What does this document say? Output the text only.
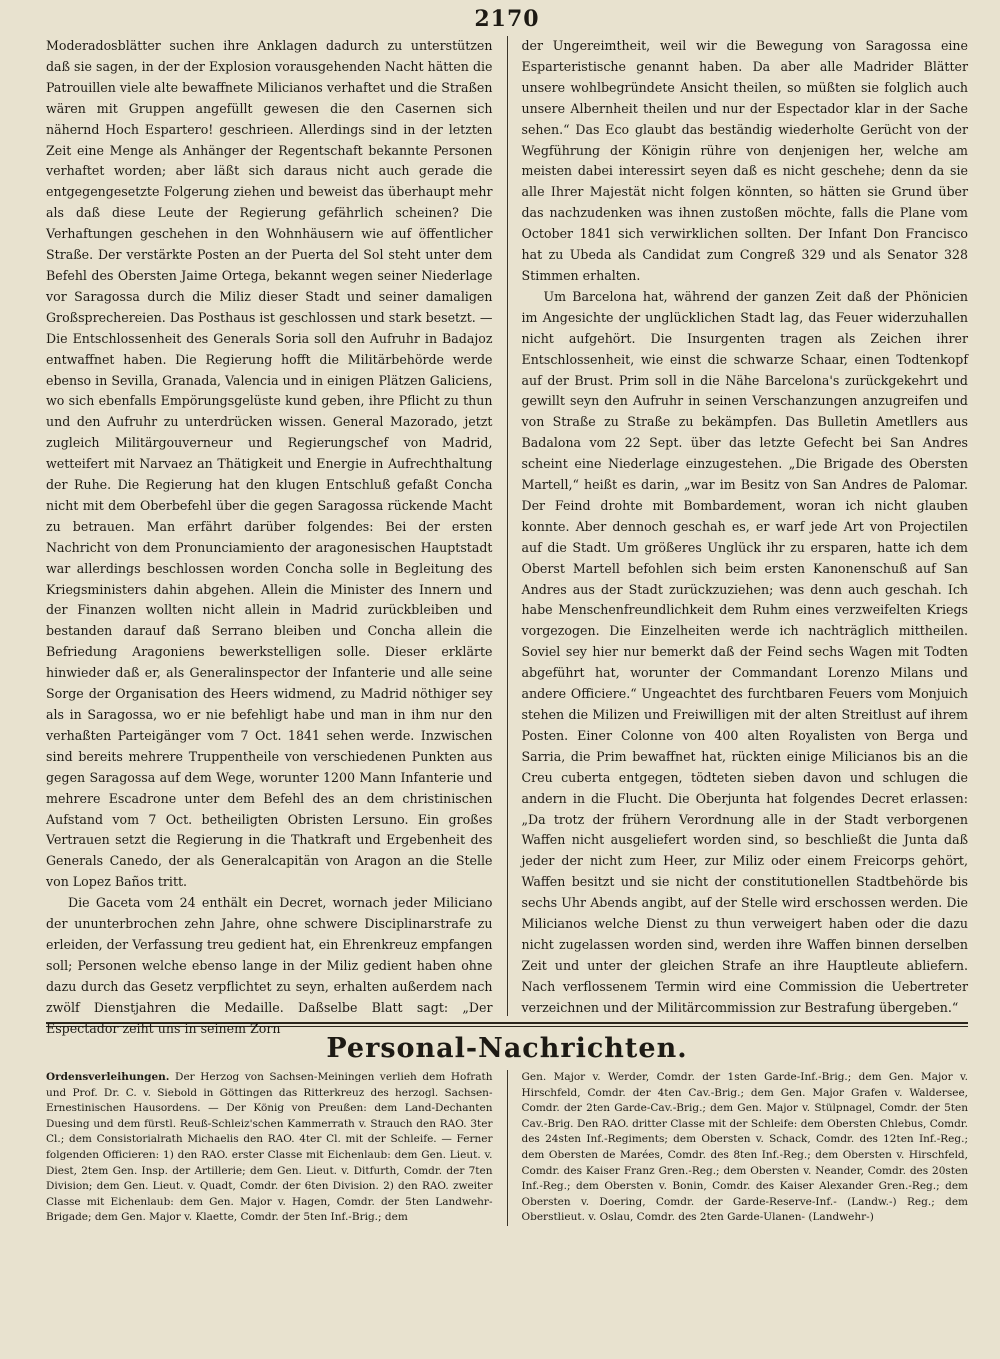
2170

Moderadosblätter suchen ihre Anklagen dadurch zu unterstützen daß sie sagen, in der der Explosion vorausgehenden Nacht hätten die Patrouillen viele alte bewaffnete Milicianos verhaftet und die Straßen wären mit Gruppen angefüllt gewesen die den Casernen sich nähernd Hoch Espartero! geschrieen. Allerdings sind in der letzten Zeit eine Menge als Anhänger der Regentschaft bekannte Personen verhaftet worden; aber läßt sich daraus nicht auch gerade die entgegengesetzte Folgerung ziehen und beweist das überhaupt mehr als daß diese Leute der Regierung gefährlich scheinen? Die Verhaftungen geschehen in den Wohnhäusern wie auf öffentlicher Straße. Der verstärkte Posten an der Puerta del Sol steht unter dem Befehl des Obersten Jaime Ortega, bekannt wegen seiner Niederlage vor Saragossa durch die Miliz dieser Stadt und seiner damaligen Großsprechereien. Das Posthaus ist geschlossen und stark besetzt. — Die Entschlossenheit des Generals Soria soll den Aufruhr in Badajoz entwaffnet haben. Die Regierung hofft die Militärbehörde werde ebenso in Sevilla, Granada, Valencia und in einigen Plätzen Galiciens, wo sich ebenfalls Empörungsgelüste kund geben, ihre Pflicht zu thun und den Aufruhr zu unterdrücken wissen. General Mazorado, jetzt zugleich Militärgouverneur und Regierungschef von Madrid, wetteifert mit Narvaez an Thätigkeit und Energie in Aufrechthaltung der Ruhe. Die Regierung hat den klugen Entschluß gefaßt Concha nicht mit dem Oberbefehl über die gegen Saragossa rückende Macht zu betrauen. Man erfährt darüber folgendes: Bei der ersten Nachricht von dem Pronunciamiento der aragonesischen Hauptstadt war allerdings beschlossen worden Concha solle in Begleitung des Kriegsministers dahin abgehen. Allein die Minister des Innern und der Finanzen wollten nicht allein in Madrid zurückbleiben und bestanden darauf daß Serrano bleiben und Concha allein die Befriedung Aragoniens bewerkstelligen solle. Dieser erklärte hinwieder daß er, als Generalinspector der Infanterie und alle seine Sorge der Organisation des Heers widmend, zu Madrid nöthiger sey als in Saragossa, wo er nie befehligt habe und man in ihm nur den verhaßten Parteigänger vom 7 Oct. 1841 sehen werde. Inzwischen sind bereits mehrere Truppentheile von verschiedenen Punkten aus gegen Saragossa auf dem Wege, worunter 1200 Mann Infanterie und mehrere Escadrone unter dem Befehl des an dem christinischen Aufstand vom 7 Oct. betheiligten Obristen Lersuno. Ein großes Vertrauen setzt die Regierung in die Thatkraft und Ergebenheit des Generals Canedo, der als Generalcapitän von Aragon an die Stelle von Lopez Baños tritt.

Die Gaceta vom 24 enthält ein Decret, wornach jeder Miliciano der ununterbrochen zehn Jahre, ohne schwere Disciplinarstrafe zu erleiden, der Verfassung treu gedient hat, ein Ehrenkreuz empfangen soll; Personen welche ebenso lange in der Miliz gedient haben ohne dazu durch das Gesetz verpflichtet zu seyn, erhalten außerdem nach zwölf Dienstjahren die Medaille. Daßselbe Blatt sagt: „Der Espectador zeiht uns in seinem Zorn

der Ungereimtheit, weil wir die Bewegung von Saragossa eine Esparteristische genannt haben. Da aber alle Madrider Blätter unsere wohlbegründete Ansicht theilen, so müßten sie folglich auch unsere Albernheit theilen und nur der Espectador klar in der Sache sehen.“ Das Eco glaubt das beständig wiederholte Gerücht von der Wegführung der Königin rühre von denjenigen her, welche am meisten dabei interessirt seyen daß es nicht geschehe; denn da sie alle Ihrer Majestät nicht folgen könnten, so hätten sie Grund über das nachzudenken was ihnen zustoßen möchte, falls die Plane vom October 1841 sich verwirklichen sollten. Der Infant Don Francisco hat zu Ubeda als Candidat zum Congreß 329 und als Senator 328 Stimmen erhalten.

Um Barcelona hat, während der ganzen Zeit daß der Phönicien im Angesichte der unglücklichen Stadt lag, das Feuer widerzuhallen nicht aufgehört. Die Insurgenten tragen als Zeichen ihrer Entschlossenheit, wie einst die schwarze Schaar, einen Todtenkopf auf der Brust. Prim soll in die Nähe Barcelona's zurückgekehrt und gewillt seyn den Aufruhr in seinen Verschanzungen anzugreifen und von Straße zu Straße zu bekämpfen. Das Bulletin Ametllers aus Badalona vom 22 Sept. über das letzte Gefecht bei San Andres scheint eine Niederlage einzugestehen. „Die Brigade des Obersten Martell,“ heißt es darin, „war im Besitz von San Andres de Palomar. Der Feind drohte mit Bombardement, woran ich nicht glauben konnte. Aber dennoch geschah es, er warf jede Art von Projectilen auf die Stadt. Um größeres Unglück ihr zu ersparen, hatte ich dem Oberst Martell befohlen sich beim ersten Kanonenschuß auf San Andres aus der Stadt zurückzuziehen; was denn auch geschah. Ich habe Menschenfreundlichkeit dem Ruhm eines verzweifelten Kriegs vorgezogen. Die Einzelheiten werde ich nachträglich mittheilen. Soviel sey hier nur bemerkt daß der Feind sechs Wagen mit Todten abgeführt hat, worunter der Commandant Lorenzo Milans und andere Officiere.“ Ungeachtet des furchtbaren Feuers vom Monjuich stehen die Milizen und Freiwilligen mit der alten Streitlust auf ihrem Posten. Einer Colonne von 400 alten Royalisten von Berga und Sarria, die Prim bewaffnet hat, rückten einige Milicianos bis an die Creu cuberta entgegen, tödteten sieben davon und schlugen die andern in die Flucht. Die Oberjunta hat folgendes Decret erlassen: „Da trotz der frühern Verordnung alle in der Stadt verborgenen Waffen nicht ausgeliefert worden sind, so beschließt die Junta daß jeder der nicht zum Heer, zur Miliz oder einem Freicorps gehört, Waffen besitzt und sie nicht der constitutionellen Stadtbehörde bis sechs Uhr Abends angibt, auf der Stelle wird erschossen werden. Die Milicianos welche Dienst zu thun verweigert haben oder die dazu nicht zugelassen worden sind, werden ihre Waffen binnen derselben Zeit und unter der gleichen Strafe an ihre Hauptleute abliefern. Nach verflossenem Termin wird eine Commission die Uebertreter verzeichnen und der Militärcommission zur Bestrafung übergeben.“

Personal-Nachrichten.

Ordensverleihungen. Der Herzog von Sachsen-Meiningen verlieh dem Hofrath und Prof. Dr. C. v. Siebold in Göttingen das Ritterkreuz des herzogl. Sachsen-Ernestinischen Hausordens. — Der König von Preußen: dem Land-Dechanten Duesing und dem fürstl. Reuß-Schleiz'schen Kammerrath v. Strauch den RAO. 3ter Cl.; dem Consistorialrath Michaelis den RAO. 4ter Cl. mit der Schleife. — Ferner folgenden Officieren: 1) den RAO. erster Classe mit Eichenlaub: dem Gen. Lieut. v. Diest, 2tem Gen. Insp. der Artillerie; dem Gen. Lieut. v. Ditfurth, Comdr. der 7ten Division; dem Gen. Lieut. v. Quadt, Comdr. der 6ten Division. 2) den RAO. zweiter Classe mit Eichenlaub: dem Gen. Major v. Hagen, Comdr. der 5ten Landwehr-Brigade; dem Gen. Major v. Klaette, Comdr. der 5ten Inf.-Brig.; dem

Gen. Major v. Werder, Comdr. der 1sten Garde-Inf.-Brig.; dem Gen. Major v. Hirschfeld, Comdr. der 4ten Cav.-Brig.; dem Gen. Major Grafen v. Waldersee, Comdr. der 2ten Garde-Cav.-Brig.; dem Gen. Major v. Stülpnagel, Comdr. der 5ten Cav.-Brig. Den RAO. dritter Classe mit der Schleife: dem Obersten Chlebus, Comdr. des 24sten Inf.-Regiments; dem Obersten v. Schack, Comdr. des 12ten Inf.-Reg.; dem Obersten de Marées, Comdr. des 8ten Inf.-Reg.; dem Obersten v. Hirschfeld, Comdr. des Kaiser Franz Gren.-Reg.; dem Obersten v. Neander, Comdr. des 20sten Inf.-Reg.; dem Obersten v. Bonin, Comdr. des Kaiser Alexander Gren.-Reg.; dem Obersten v. Doering, Comdr. der Garde-Reserve-Inf.- (Landw.-) Reg.; dem Oberstlieut. v. Oslau, Comdr. des 2ten Garde-Ulanen- (Landwehr-)
